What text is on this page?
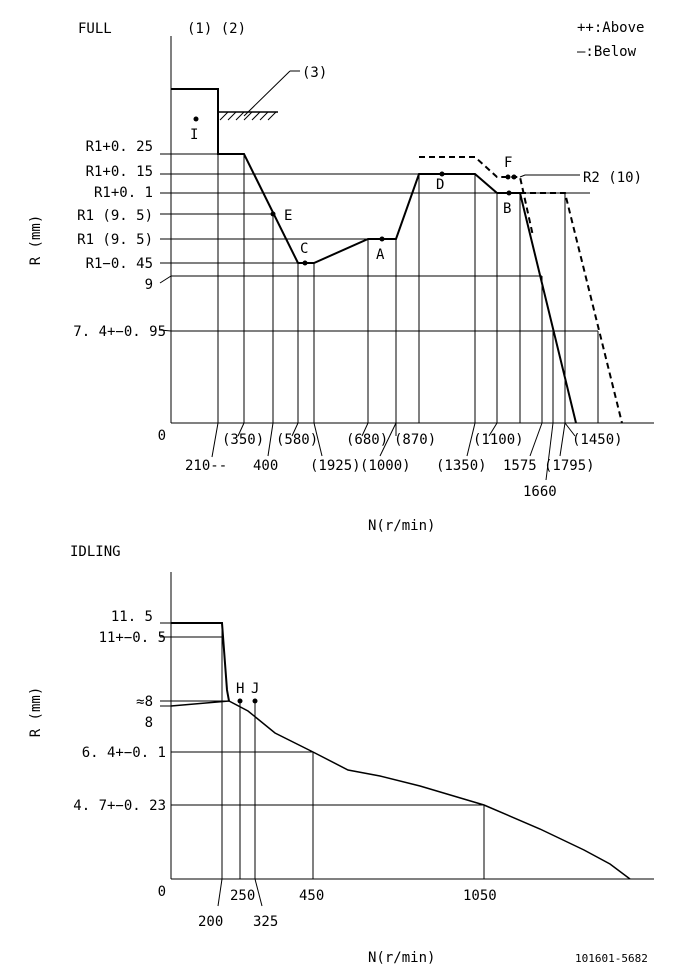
FULL	(1) (2)	++:Above
—:Below
(3)
R2 (10)
I
E
C	A
D
F
B
R1+0. 25
R1+0. 15
R1+0. 1
R1 (9. 5)
R1 (9. 5)
R1−0. 45
9
7. 4+−0. 95
0
R (mm)
(350) (580) (680) (870)	(1100)	(1450)
210-- 400 (1925) (1000) (1350) 1575 (1795)
1660
N(r/min)
IDLING
H J
11. 5
11+−0. 5
≈8
8
6. 4+−0. 1
4. 7+−0. 23
0
R (mm)
250	450	1050
200 325
N(r/min)	101601-5682
